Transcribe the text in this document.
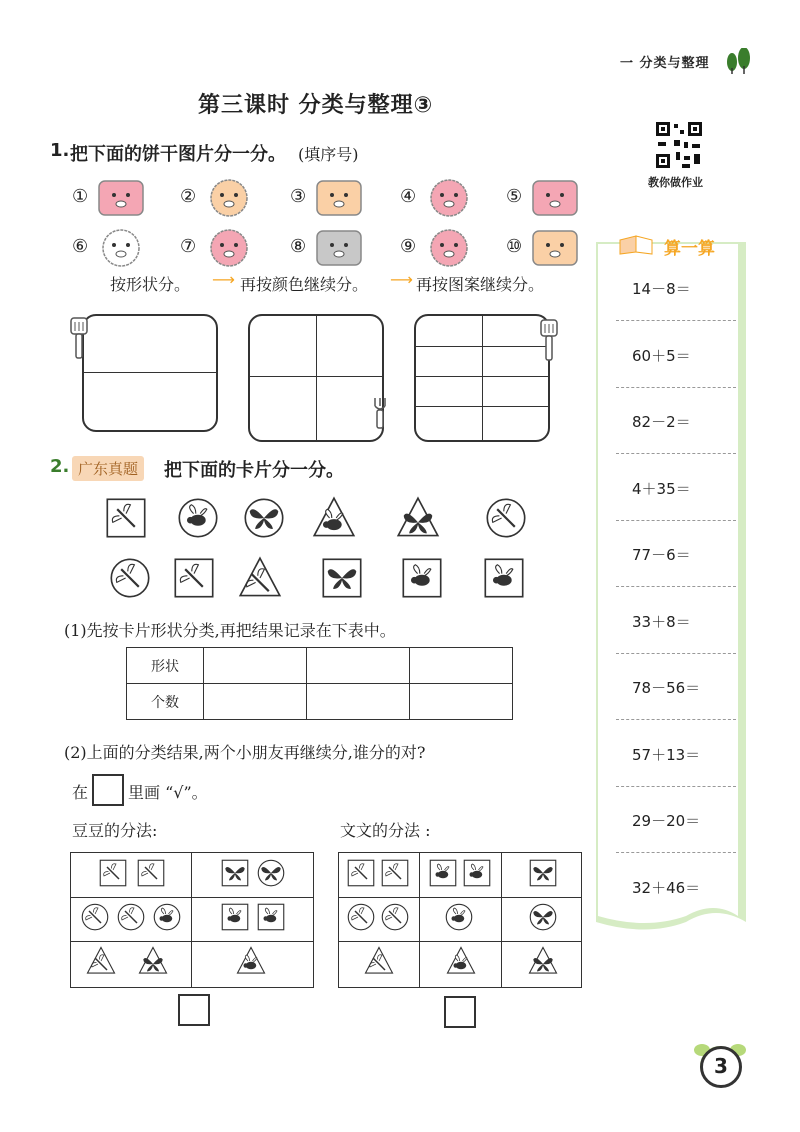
一 分类与整理
第三课时 分类与整理③
教你做作业
1. 把下面的饼干图片分一分。 (填序号)
①	②	③	④	⑤
⑥	⑦	⑧	⑨	⑩
按形状分。 ⟶ 再按颜色继续分。 ⟶ 再按图案继续分。
2. 广东真题	把下面的卡片分一分。
(1)先按卡片形状分类,再把结果记录在下表中。
形状			
个数			
(2)上面的分类结果,两个小朋友再继续分,谁分的对?
在 里画 “√”。
豆豆的分法:	文文的分法 :
算一算
14－8＝
60＋5＝
82－2＝
4＋35＝
77－6＝
33＋8＝
78－56＝
57＋13＝
29－20＝
32＋46＝
3
